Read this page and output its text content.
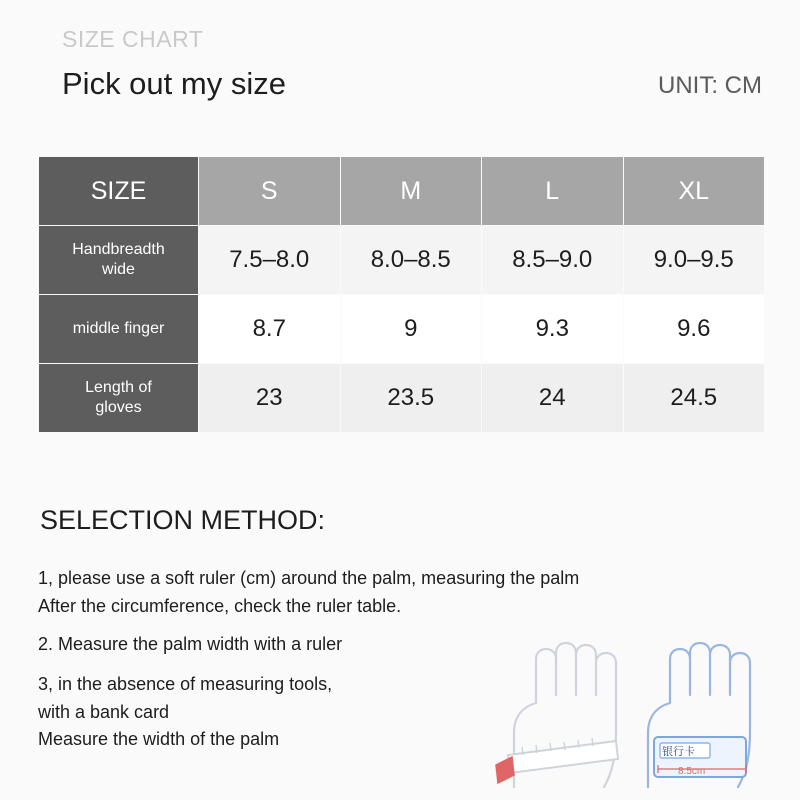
SIZE CHART
Pick out my size	UNIT: CM
SIZE	S	M	L	XL

Handbreadth
wide	7.5–8.0	8.0–8.5	8.5–9.0	9.0–9.5
middle finger	8.7	9	9.3	9.6

Length of
gloves	23	23.5	24	24.5
SELECTION METHOD:
1, please use a soft ruler (cm) around the palm, measuring the palm
After the circumference, check the ruler table.
2. Measure the palm width with a ruler
3, in the absence of measuring tools,
with a bank card
Measure the width of the palm
银行卡
8.5cm
